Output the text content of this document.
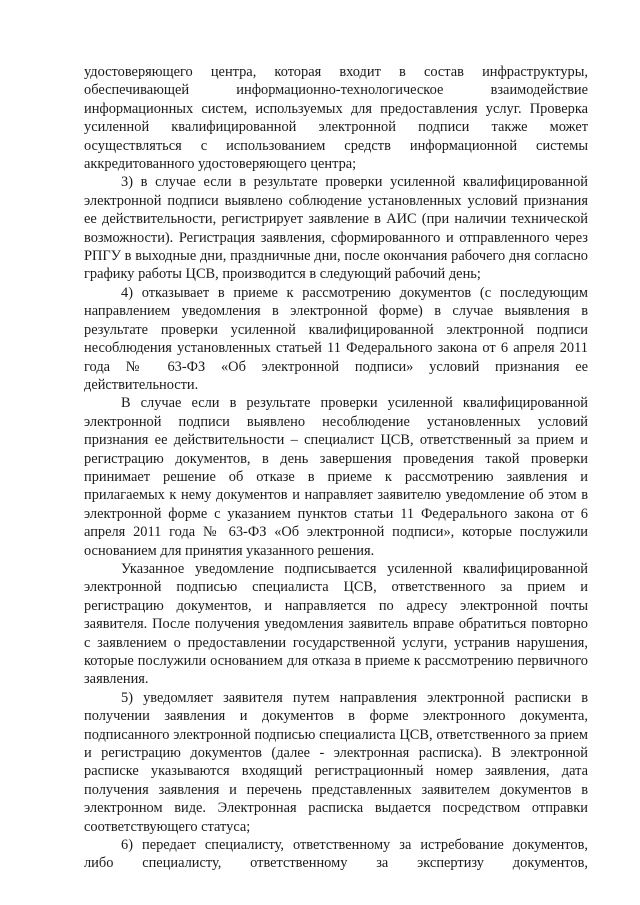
удостоверяющего центра, которая входит в состав инфраструктуры, обеспечивающей информационно-технологическое взаимодействие информационных систем, используемых для предоставления услуг. Проверка усиленной квалифицированной электронной подписи также может осуществляться с использованием средств информационной системы аккредитованного удостоверяющего центра;

3) в случае если в результате проверки усиленной квалифицированной электронной подписи выявлено соблюдение установленных условий признания ее действительности, регистрирует заявление в АИС (при наличии технической возможности). Регистрация заявления, сформированного и отправленного через РПГУ в выходные дни, праздничные дни, после окончания рабочего дня согласно графику работы ЦСВ, производится в следующий рабочий день;

4) отказывает в приеме к рассмотрению документов (с последующим направлением уведомления в электронной форме) в случае выявления в результате проверки усиленной квалифицированной электронной подписи несоблюдения установленных статьей 11 Федерального закона от 6 апреля 2011 года № 63-ФЗ «Об электронной подписи» условий признания ее действительности.

В случае если в результате проверки усиленной квалифицированной электронной подписи выявлено несоблюдение установленных условий признания ее действительности – специалист ЦСВ, ответственный за прием и регистрацию документов, в день завершения проведения такой проверки принимает решение об отказе в приеме к рассмотрению заявления и прилагаемых к нему документов и направляет заявителю уведомление об этом в электронной форме с указанием пунктов статьи 11 Федерального закона от 6 апреля 2011 года № 63-ФЗ «Об электронной подписи», которые послужили основанием для принятия указанного решения.

Указанное уведомление подписывается усиленной квалифицированной электронной подписью специалиста ЦСВ, ответственного за прием и регистрацию документов, и направляется по адресу электронной почты заявителя. После получения уведомления заявитель вправе обратиться повторно с заявлением о предоставлении государственной услуги, устранив нарушения, которые послужили основанием для отказа в приеме к рассмотрению первичного заявления.

5) уведомляет заявителя путем направления электронной расписки в получении заявления и документов в форме электронного документа, подписанного электронной подписью специалиста ЦСВ, ответственного за прием и регистрацию документов (далее - электронная расписка). В электронной расписке указываются входящий регистрационный номер заявления, дата получения заявления и перечень представленных заявителем документов в электронном виде. Электронная расписка выдается посредством отправки соответствующего статуса;

6) передает специалисту, ответственному за истребование документов, либо специалисту, ответственному за экспертизу документов,
